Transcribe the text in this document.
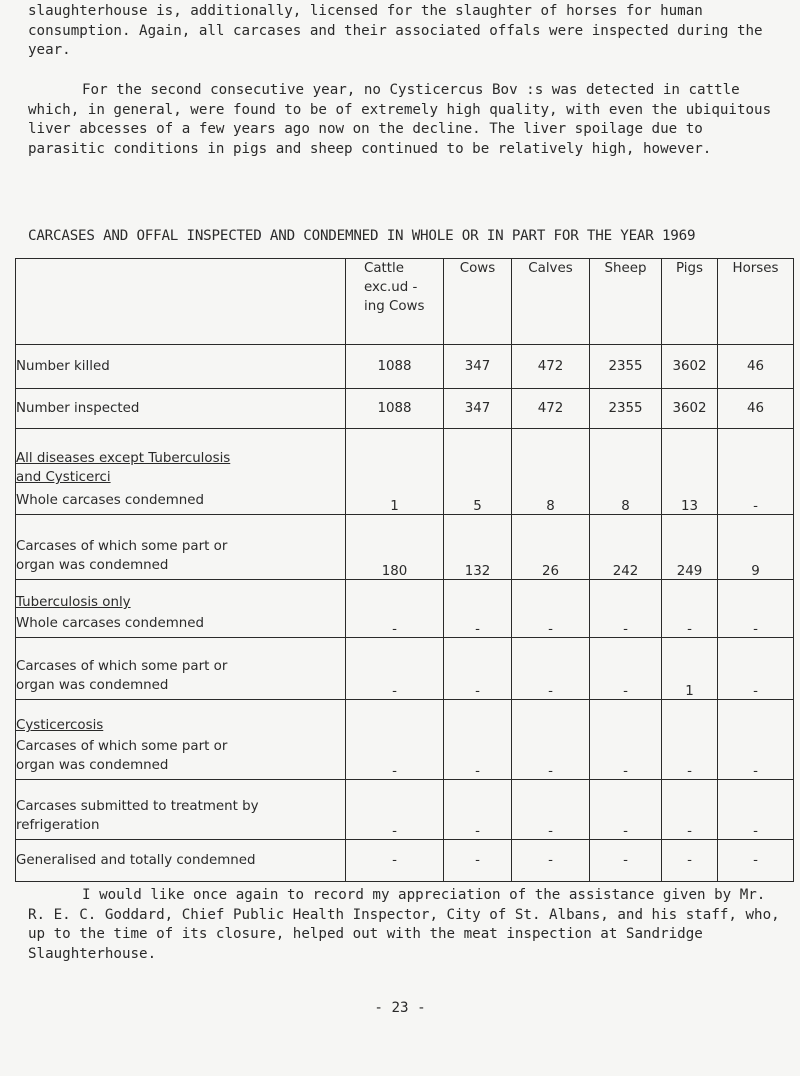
slaughterhouse is, additionally, licensed for the slaughter of horses for human consumption. Again, all carcases and their associated offals were inspected during the year.

For the second consecutive year, no Cysticercus Bov :s was detected in cattle which, in general, were found to be of extremely high quality, with even the ubiquitous liver abcesses of a few years ago now on the decline. The liver spoilage due to parasitic conditions in pigs and sheep continued to be relatively high, however.

CARCASES AND OFFAL INSPECTED AND CONDEMNED IN WHOLE OR IN PART FOR THE YEAR 1969

	Cattle
exc.ud -
ing Cows	Cows	Calves	Sheep	Pigs	Horses
Number killed	1088	347	472	2355	3602	46
Number inspected	1088	347	472	2355	3602	46

All diseases except Tuberculosis
and Cysticerci
Whole carcases condemned	1	5	8	8	13	-

Carcases of which some part or
organ was condemned	180	132	26	242	249	9

Tuberculosis only
Whole carcases condemned	-	-	-	-	-	-

Carcases of which some part or
organ was condemned	-	-	-	-	1	-

Cysticercosis
Carcases of which some part or
organ was condemned	-	-	-	-	-	-

Carcases submitted to treatment by
refrigeration	-	-	-	-	-	-
Generalised and totally condemned	-	-	-	-	-	-

I would like once again to record my appreciation of the assistance given by Mr. R. E. C. Goddard, Chief Public Health Inspector, City of St. Albans, and his staff, who, up to the time of its closure, helped out with the meat inspection at Sandridge Slaughterhouse.

- 23 -
